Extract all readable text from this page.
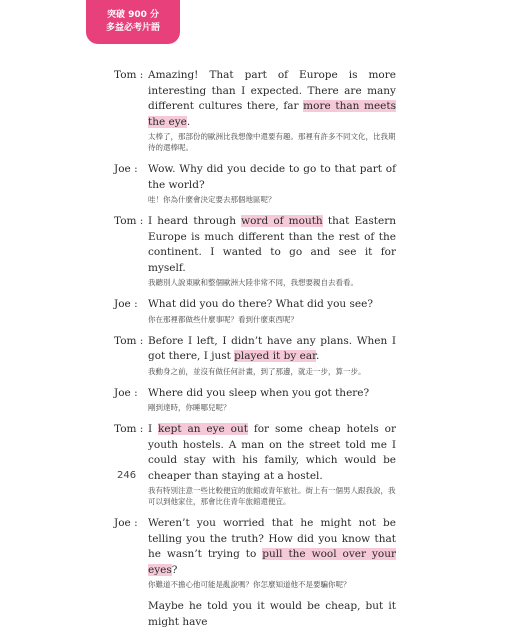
突破 900 分
多益必考片語
Tom : Amazing! That part of Europe is more interesting than I expected. There are many different cultures there, far more than meets the eye.

太棒了，那部份的歐洲比我想像中還要有趣。那裡有許多不同文化，比我期待的還棒呢。

Joe : Wow. Why did you decide to go to that part of the world?

哇！你為什麼會決定要去那個地區呢？

Tom : I heard through word of mouth that Eastern Europe is much different than the rest of the continent. I wanted to go and see it for myself.

我聽別人說東歐和整個歐洲大陸非常不同，我想要親自去看看。

Joe : What did you do there? What did you see?

你在那裡都做些什麼事呢？看到什麼東西呢？

Tom : Before I left, I didn’t have any plans. When I got there, I just played it by ear.

我動身之前，並沒有做任何計畫，到了那邊，就走一步，算一步。

Joe : Where did you sleep when you got there?

剛到達時，你睡哪兒呢？

Tom : I kept an eye out for some cheap hotels or youth hostels. A man on the street told me I could stay with his family, which would be cheaper than staying at a hostel.

我有特別注意一些比較便宜的旅館或青年旅社。街上有一個男人跟我說，我可以到他家住，那會比住青年旅館還便宜。

Joe : Weren’t you worried that he might not be telling you the truth? How did you know that he wasn’t trying to pull the wool over your eyes?

你難道不擔心他可能是亂說嗎？你怎麼知道他不是要騙你呢？

Maybe he told you it would be cheap, but it might have

246
